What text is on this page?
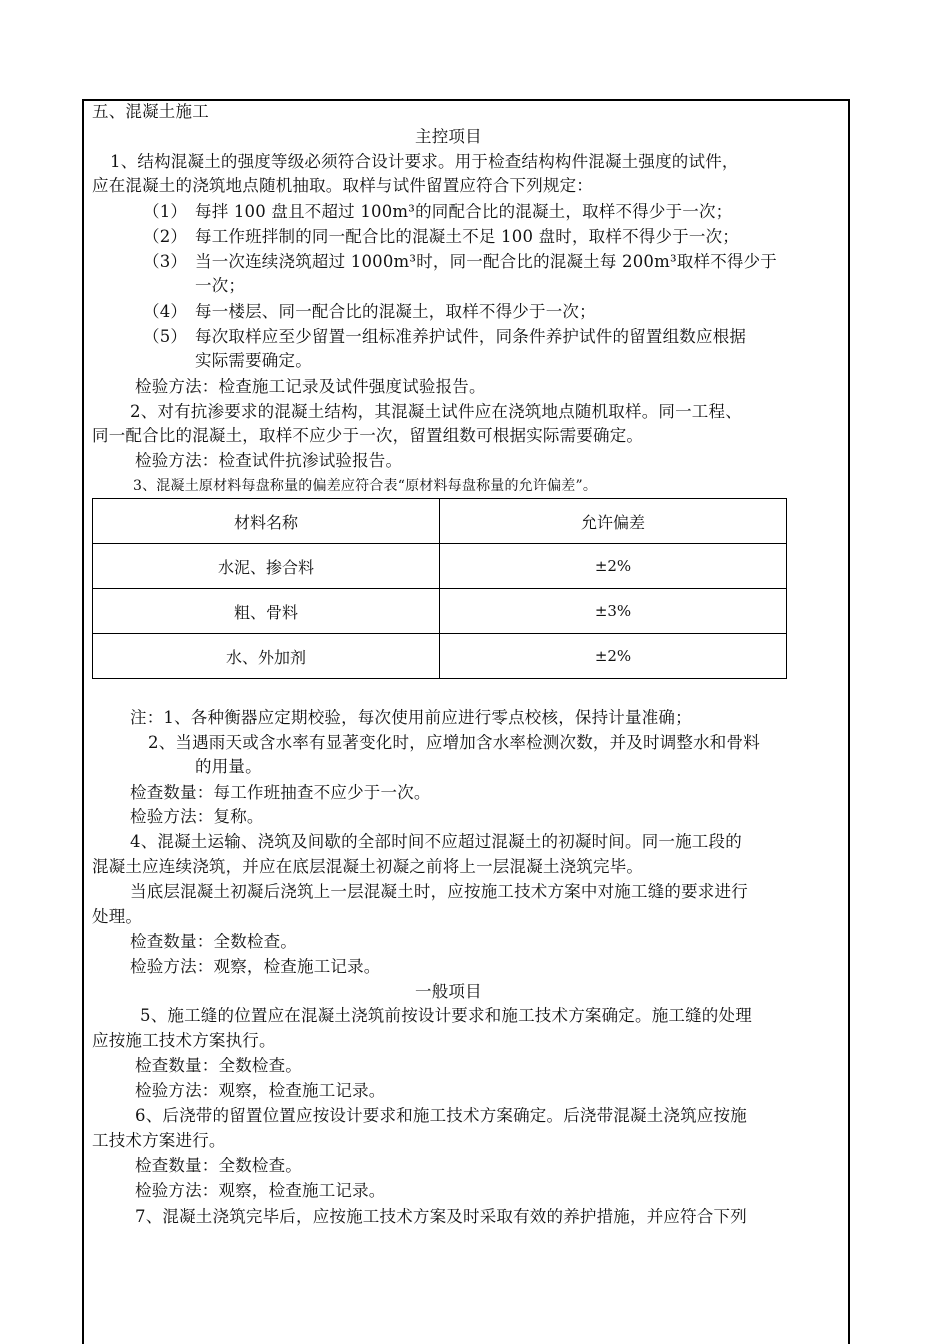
五、混凝土施工
主控项目
1、结构混凝土的强度等级必须符合设计要求。用于检查结构构件混凝土强度的试件，
应在混凝土的浇筑地点随机抽取。取样与试件留置应符合下列规定：
（1） 每拌 100 盘且不超过 100m³的同配合比的混凝土，取样不得少于一次；
（2） 每工作班拌制的同一配合比的混凝土不足 100 盘时，取样不得少于一次；
（3） 当一次连续浇筑超过 1000m³时，同一配合比的混凝土每 200m³取样不得少于
一次；
（4） 每一楼层、同一配合比的混凝土，取样不得少于一次；
（5） 每次取样应至少留置一组标准养护试件，同条件养护试件的留置组数应根据
实际需要确定。
检验方法：检查施工记录及试件强度试验报告。
2、对有抗渗要求的混凝土结构，其混凝土试件应在浇筑地点随机取样。同一工程、
同一配合比的混凝土，取样不应少于一次，留置组数可根据实际需要确定。
检验方法：检查试件抗渗试验报告。
3、混凝土原材料每盘称量的偏差应符合表“原材料每盘称量的允许偏差”。
材料名称	允许偏差
水泥、掺合料	±2%
粗、骨料	±3%
水、外加剂	±2%
注：1、各种衡器应定期校验，每次使用前应进行零点校核，保持计量准确；
2、当遇雨天或含水率有显著变化时，应增加含水率检测次数，并及时调整水和骨料
的用量。
检查数量：每工作班抽查不应少于一次。
检验方法：复称。
4、混凝土运输、浇筑及间歇的全部时间不应超过混凝土的初凝时间。同一施工段的
混凝土应连续浇筑，并应在底层混凝土初凝之前将上一层混凝土浇筑完毕。
当底层混凝土初凝后浇筑上一层混凝土时，应按施工技术方案中对施工缝的要求进行
处理。
检查数量：全数检查。
检验方法：观察，检查施工记录。
一般项目
5、施工缝的位置应在混凝土浇筑前按设计要求和施工技术方案确定。施工缝的处理
应按施工技术方案执行。
检查数量：全数检查。
检验方法：观察，检查施工记录。
6、后浇带的留置位置应按设计要求和施工技术方案确定。后浇带混凝土浇筑应按施
工技术方案进行。
检查数量：全数检查。
检验方法：观察，检查施工记录。
7、混凝土浇筑完毕后，应按施工技术方案及时采取有效的养护措施，并应符合下列
